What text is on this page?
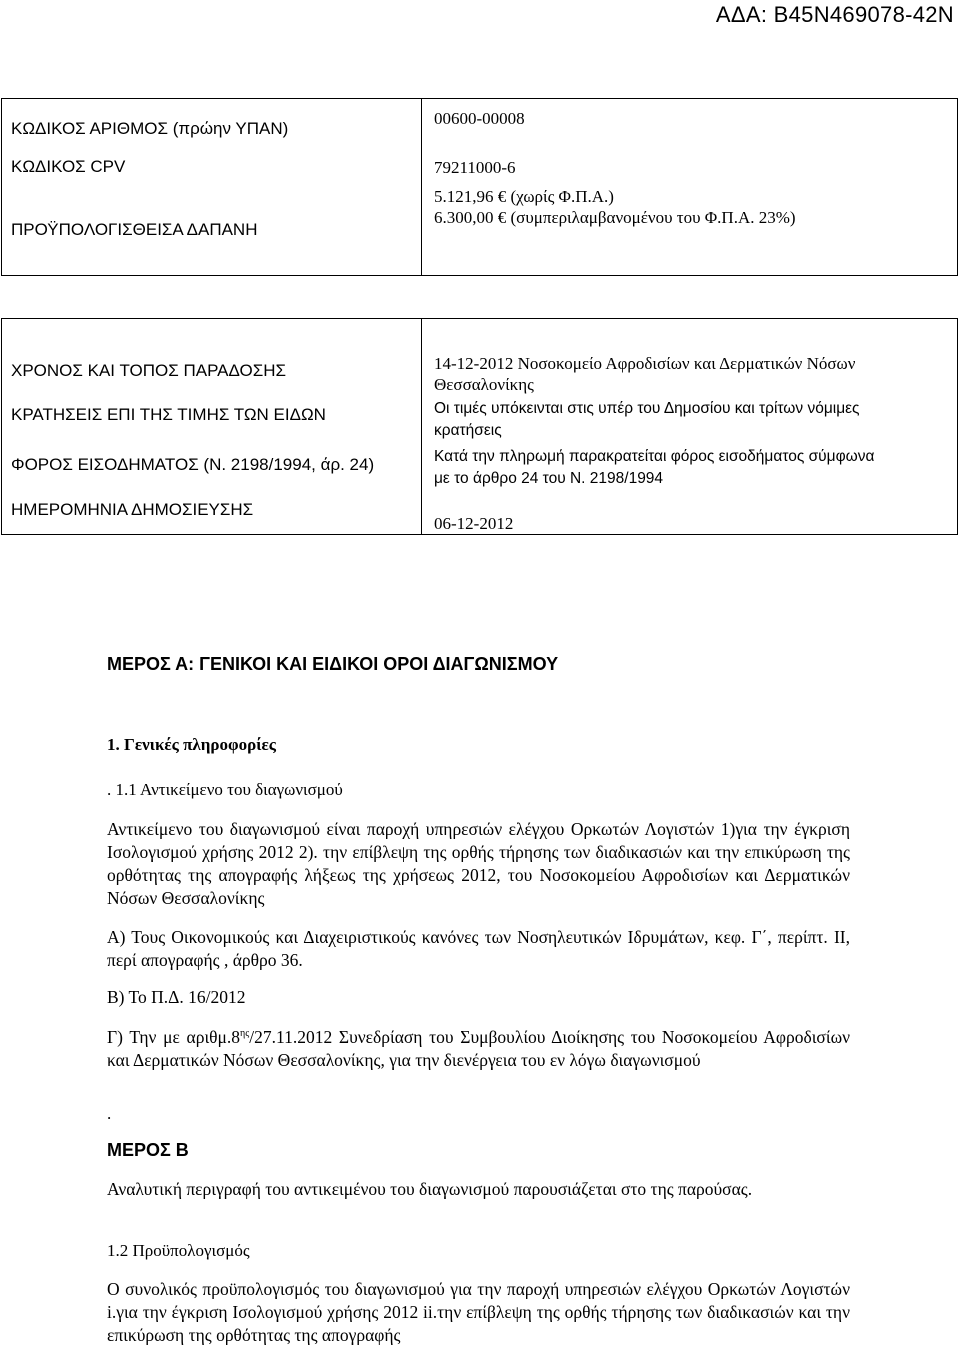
ΑΔΑ: Β45Ν469078-42Ν
ΚΩΔΙΚΟΣ ΑΡΙΘΜΟΣ (πρώην ΥΠΑΝ)
00600-00008
ΚΩΔΙΚΟΣ CPV	79211000-6
ΠΡΟΫΠΟΛΟΓΙΣΘΕΙΣΑ ΔΑΠΑΝΗ
5.121,96 € (χωρίς Φ.Π.Α.)
6.300,00 € (συμπεριλαμβανομένου του Φ.Π.Α. 23%)
ΧΡΟΝΟΣ ΚΑΙ ΤΟΠΟΣ ΠΑΡΑΔΟΣΗΣ
ΚΡΑΤΗΣΕΙΣ ΕΠΙ ΤΗΣ ΤΙΜΗΣ ΤΩΝ ΕΙΔΩΝ
ΦΟΡΟΣ ΕΙΣΟΔΗΜΑΤΟΣ (Ν. 2198/1994, άρ. 24)
ΗΜΕΡΟΜΗΝΙΑ ΔΗΜΟΣΙΕΥΣΗΣ
14-12-2012 Νοσοκομείο Αφροδισίων και Δερματικών Νόσων
Θεσσαλονίκης
Οι τιμές υπόκεινται στις υπέρ του Δημοσίου και τρίτων νόμιμες
κρατήσεις
Κατά την πληρωμή παρακρατείται φόρος εισοδήματος σύμφωνα
με το άρθρο 24 του Ν. 2198/1994
06-12-2012
ΜΕΡΟΣ Α: ΓΕΝΙΚΟΙ ΚΑΙ ΕΙΔΙΚΟΙ ΟΡΟΙ ΔΙΑΓΩΝΙΣΜΟΥ
1. Γενικές πληροφορίες
. 1.1 Αντικείμενο του διαγωνισμού
Αντικείμενο του διαγωνισμού είναι παροχή υπηρεσιών ελέγχου Ορκωτών Λογιστών 1)για την έγκριση Ισολογισμού χρήσης 2012 2). την επίβλεψη της ορθής τήρησης των διαδικασιών και την επικύρωση της ορθότητας της απογραφής λήξεως της χρήσεως 2012, του Νοσοκομείου Αφροδισίων και Δερματικών Νόσων Θεσσαλονίκης
Α) Τους Οικονομικούς και Διαχειριστικούς κανόνες των Νοσηλευτικών Ιδρυμάτων, κεφ. Γ΄, περίπτ. ΙΙ, περί απογραφής , άρθρο 36.
Β) Το Π.Δ. 16/2012
Γ) Την με $\alpha\rho\iota\theta\mu.8^{\eta\varsigma}/27.11.2012$ Συνεδρίαση του Συμβουλίου Διοίκησης του Νοσοκομείου Αφροδισίων και Δερματικών Νόσων Θεσσαλονίκης, για την διενέργεια του εν λόγω διαγωνισμού
.
ΜΕΡΟΣ Β
Αναλυτική περιγραφή του αντικειμένου του διαγωνισμού παρουσιάζεται στο της παρούσας.
1.2 Προϋπολογισμός
Ο συνολικός προϋπολογισμός του διαγωνισμού για την παροχή υπηρεσιών ελέγχου Ορκωτών Λογιστών i.για την έγκριση Ισολογισμού χρήσης 2012 ii.την επίβλεψη της ορθής τήρησης των διαδικασιών και την επικύρωση της ορθότητας της απογραφής
